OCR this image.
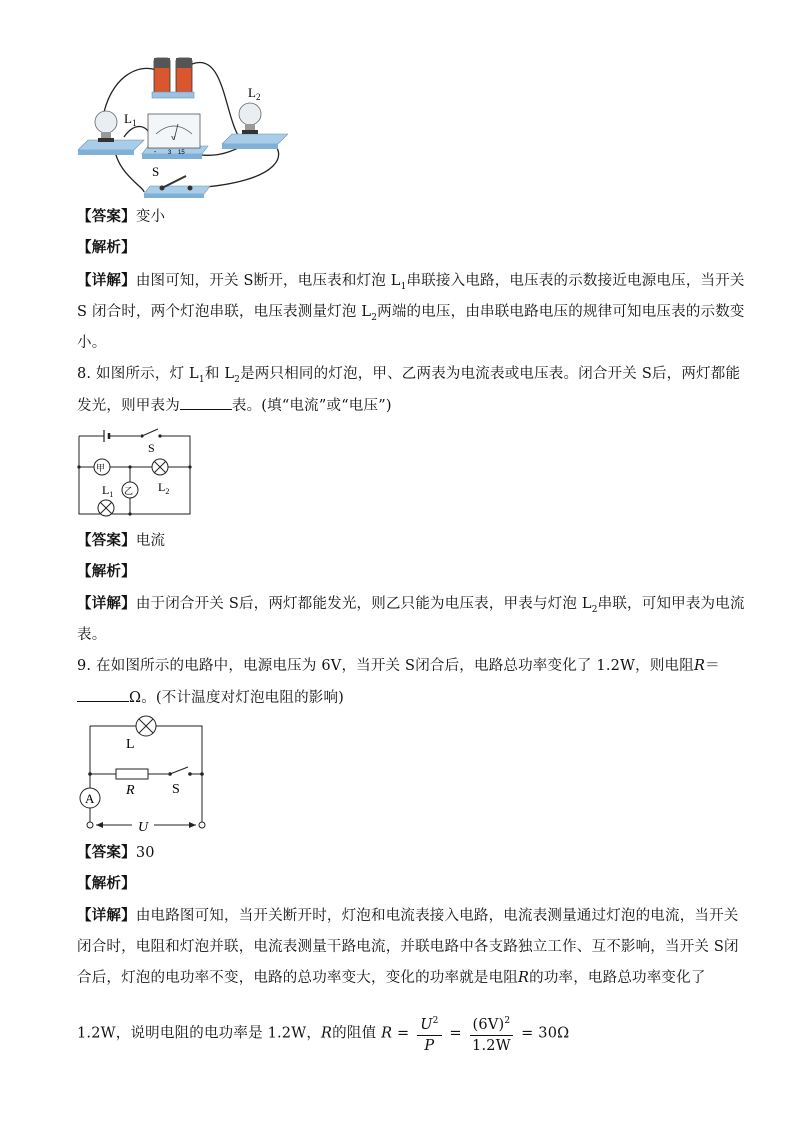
$L_1$
V
- 3 15
$L_2$
S
【答案】变小
【解析】
【详解】由图可知，开关 S断开，电压表和灯泡 $L_1$串联接入电路，电压表的示数接近电源电压，当开关
S 闭合时，两个灯泡串联，电压表测量灯泡 $L_2$两端的电压，由串联电路电压的规律可知电压表的示数变
小。
8. 如图所示，灯 $L_1$和 $L_2$是两只相同的灯泡，甲、乙两表为电流表或电压表。闭合开关 S后，两灯都能
发光，则甲表为	表。(填“电流”或“电压”)
S
甲
$L_2$
乙
$L_1$
【答案】电流
【解析】
【详解】由于闭合开关 S后，两灯都能发光，则乙只能为电压表，甲表与灯泡 $L_2$串联，可知甲表为电流
表。
9. 在如图所示的电路中，电源电压为 6V，当开关 S闭合后，电路总功率变化了 1.2W，则电阻R＝
Ω。(不计温度对灯泡电阻的影响)
L
R	S
A
U
【答案】30
【解析】
【详解】由电路图可知，当开关断开时，灯泡和电流表接入电路，电流表测量通过灯泡的电流，当开关
闭合时，电阻和灯泡并联，电流表测量干路电流，并联电路中各支路独立工作、互不影响，当开关 S闭
合后，灯泡的电功率不变，电路的总功率变大，变化的功率就是电阻R的功率，电路总功率变化了
1.2W，说明电阻的电功率是 1.2W，R的阻值 $R = \frac{U^2}{P} = \frac{(6V)^2}{1.2W} = 30\Omega$
